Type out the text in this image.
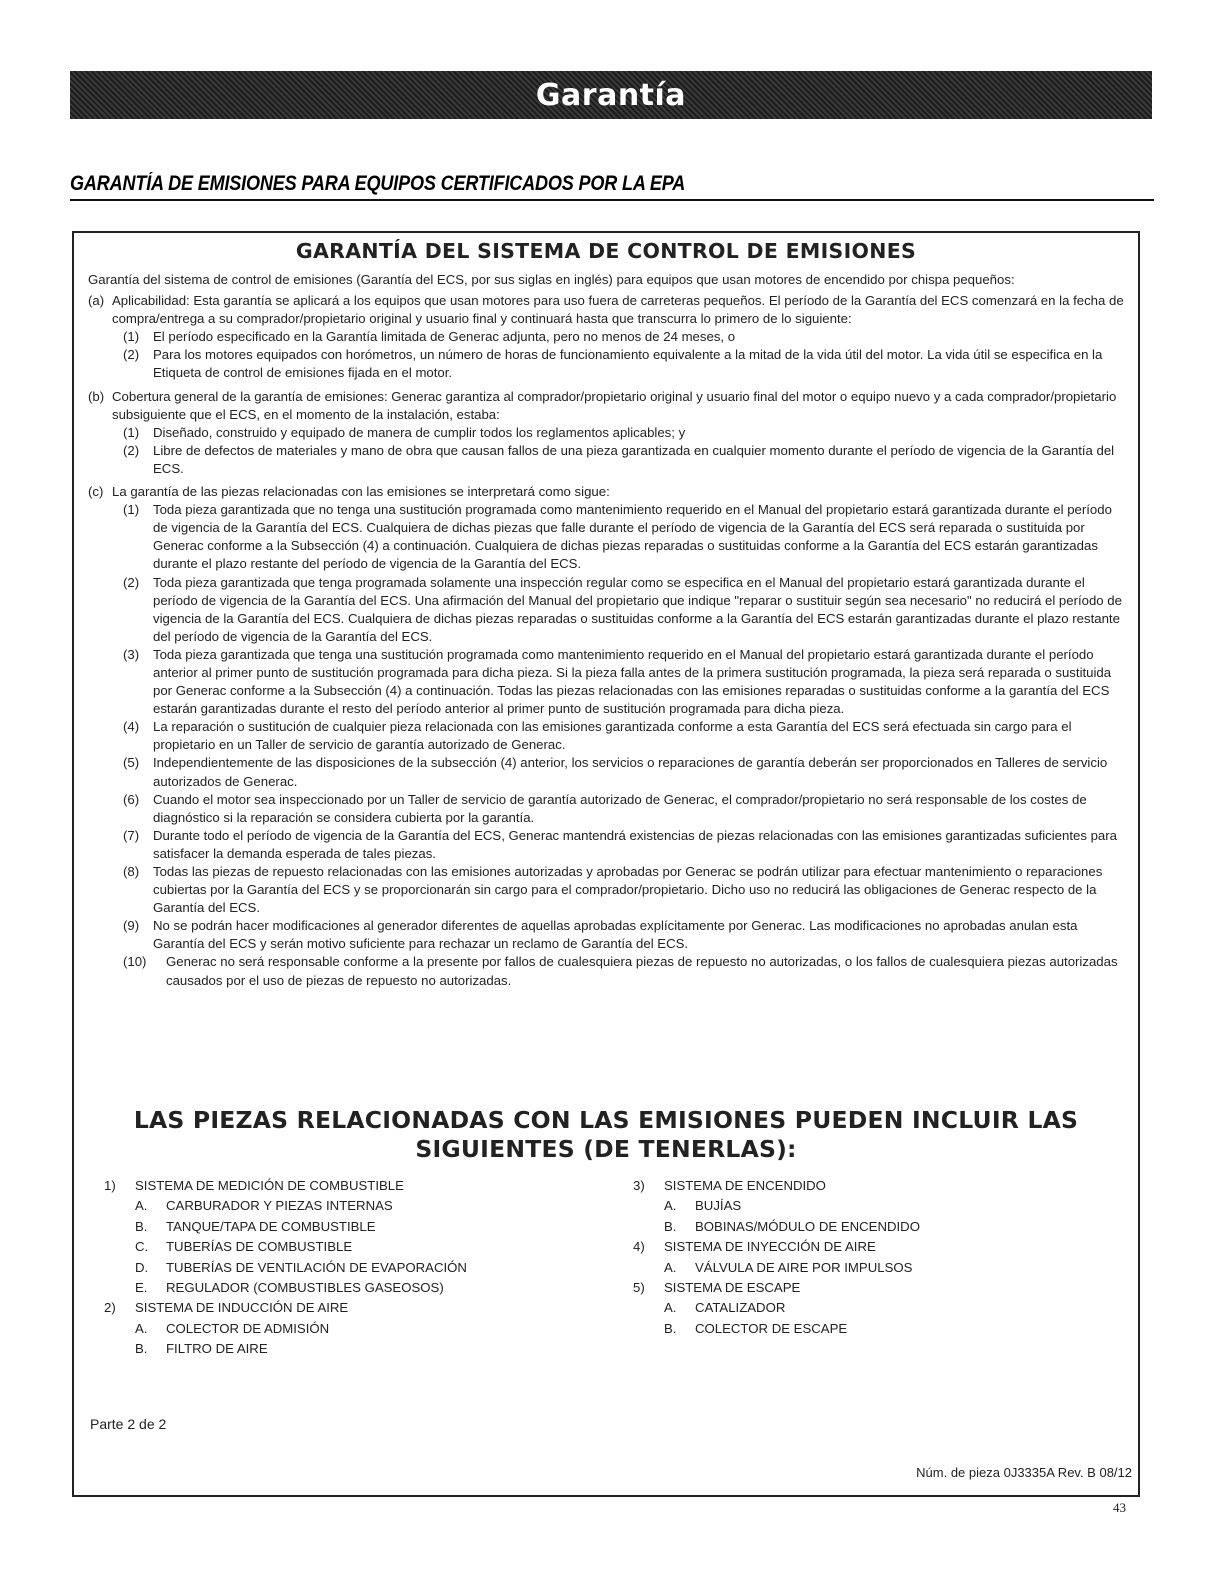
Garantía
GARANTÍA DE EMISIONES PARA EQUIPOS CERTIFICADOS POR LA EPA
GARANTÍA DEL SISTEMA DE CONTROL DE EMISIONES

Garantía del sistema de control de emisiones (Garantía del ECS, por sus siglas en inglés) para equipos que usan motores de encendido por chispa pequeños:

(a) Aplicabilidad: Esta garantía se aplicará a los equipos que usan motores para uso fuera de carreteras pequeños. El período de la Garantía del ECS comenzará en la fecha de compra/entrega a su comprador/propietario original y usuario final y continuará hasta que transcurra lo primero de lo siguiente:

(1) El período especificado en la Garantía limitada de Generac adjunta, pero no menos de 24 meses, o

(2) Para los motores equipados con horómetros, un número de horas de funcionamiento equivalente a la mitad de la vida útil del motor. La vida útil se especifica en la Etiqueta de control de emisiones fijada en el motor.

(b) Cobertura general de la garantía de emisiones: Generac garantiza al comprador/propietario original y usuario final del motor o equipo nuevo y a cada comprador/propietario subsiguiente que el ECS, en el momento de la instalación, estaba:

(1) Diseñado, construido y equipado de manera de cumplir todos los reglamentos aplicables; y

(2) Libre de defectos de materiales y mano de obra que causan fallos de una pieza garantizada en cualquier momento durante el período de vigencia de la Garantía del ECS.

(c) La garantía de las piezas relacionadas con las emisiones se interpretará como sigue:

(1) Toda pieza garantizada que no tenga una sustitución programada como mantenimiento requerido en el Manual del propietario estará garantizada durante el período de vigencia de la Garantía del ECS. Cualquiera de dichas piezas que falle durante el período de vigencia de la Garantía del ECS será reparada o sustituida por Generac conforme a la Subsección (4) a continuación. Cualquiera de dichas piezas reparadas o sustituidas conforme a la Garantía del ECS estarán garantizadas durante el plazo restante del período de vigencia de la Garantía del ECS.

(2) Toda pieza garantizada que tenga programada solamente una inspección regular como se especifica en el Manual del propietario estará garantizada durante el período de vigencia de la Garantía del ECS. Una afirmación del Manual del propietario que indique "reparar o sustituir según sea necesario" no reducirá el período de vigencia de la Garantía del ECS. Cualquiera de dichas piezas reparadas o sustituidas conforme a la Garantía del ECS estarán garantizadas durante el plazo restante del período de vigencia de la Garantía del ECS.

(3) Toda pieza garantizada que tenga una sustitución programada como mantenimiento requerido en el Manual del propietario estará garantizada durante el período anterior al primer punto de sustitución programada para dicha pieza. Si la pieza falla antes de la primera sustitución programada, la pieza será reparada o sustituida por Generac conforme a la Subsección (4) a continuación. Todas las piezas relacionadas con las emisiones reparadas o sustituidas conforme a la garantía del ECS estarán garantizadas durante el resto del período anterior al primer punto de sustitución programada para dicha pieza.

(4) La reparación o sustitución de cualquier pieza relacionada con las emisiones garantizada conforme a esta Garantía del ECS será efectuada sin cargo para el propietario en un Taller de servicio de garantía autorizado de Generac.

(5) Independientemente de las disposiciones de la subsección (4) anterior, los servicios o reparaciones de garantía deberán ser proporcionados en Talleres de servicio autorizados de Generac.

(6) Cuando el motor sea inspeccionado por un Taller de servicio de garantía autorizado de Generac, el comprador/propietario no será responsable de los costes de diagnóstico si la reparación se considera cubierta por la garantía.

(7) Durante todo el período de vigencia de la Garantía del ECS, Generac mantendrá existencias de piezas relacionadas con las emisiones garantizadas suficientes para satisfacer la demanda esperada de tales piezas.

(8) Todas las piezas de repuesto relacionadas con las emisiones autorizadas y aprobadas por Generac se podrán utilizar para efectuar mantenimiento o reparaciones cubiertas por la Garantía del ECS y se proporcionarán sin cargo para el comprador/propietario. Dicho uso no reducirá las obligaciones de Generac respecto de la Garantía del ECS.

(9) No se podrán hacer modificaciones al generador diferentes de aquellas aprobadas explícitamente por Generac. Las modificaciones no aprobadas anulan esta Garantía del ECS y serán motivo suficiente para rechazar un reclamo de Garantía del ECS.

(10) Generac no será responsable conforme a la presente por fallos de cualesquiera piezas de repuesto no autorizadas, o los fallos de cualesquiera piezas autorizadas causados por el uso de piezas de repuesto no autorizadas.

LAS PIEZAS RELACIONADAS CON LAS EMISIONES PUEDEN INCLUIR LAS
SIGUIENTES (DE TENERLAS):
1) SISTEMA DE MEDICIÓN DE COMBUSTIBLE
A. CARBURADOR Y PIEZAS INTERNAS
B. TANQUE/TAPA DE COMBUSTIBLE
C. TUBERÍAS DE COMBUSTIBLE
D. TUBERÍAS DE VENTILACIÓN DE EVAPORACIÓN
E. REGULADOR (COMBUSTIBLES GASEOSOS)
2) SISTEMA DE INDUCCIÓN DE AIRE
A. COLECTOR DE ADMISIÓN
B. FILTRO DE AIRE
3) SISTEMA DE ENCENDIDO
A. BUJÍAS
B. BOBINAS/MÓDULO DE ENCENDIDO
4) SISTEMA DE INYECCIÓN DE AIRE
A. VÁLVULA DE AIRE POR IMPULSOS
5) SISTEMA DE ESCAPE
A. CATALIZADOR
B. COLECTOR DE ESCAPE
Parte 2 de 2
Núm. de pieza 0J3335A Rev. B 08/12
43
